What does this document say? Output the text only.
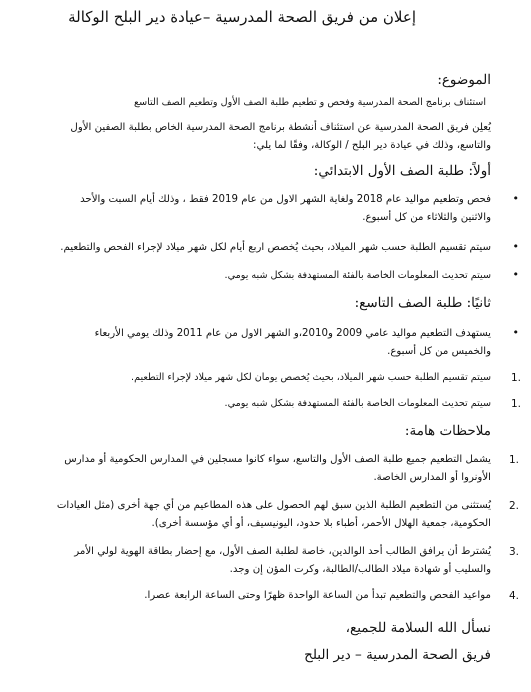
إعلان من فريق الصحة المدرسية –عيادة دير البلح الوكالة
الموضوع:
استئناف برنامج الصحة المدرسية وفحص و تطعيم طلبة الصف الأول وتطعيم الصف التاسع
يُعلِن فريق الصحة المدرسية عن استئناف أنشطة برنامج الصحة المدرسية الخاص بطلبة الصفين الأول
والتاسع، وذلك في عيادة دير البلح / الوكالة، وفقًا لما يلي:
أولاً: طلبة الصف الأول الابتدائي:
•
فحص وتطعيم مواليد عام 2018 ولغاية الشهر الاول من عام 2019 فقط ، وذلك أيام السبت والأحد
والاثنين والثلاثاء من كل أسبوع.
•
سيتم تقسيم الطلبة حسب شهر الميلاد، بحيث يُخصص اربع أيام لكل شهر ميلاد لإجراء الفحص والتطعيم.
•
سيتم تحديث المعلومات الخاصة بالفئة المستهدفة بشكل شبه يومي.
ثانيًا: طلبة الصف التاسع:
•
يستهدف التطعيم مواليد عامي 2009 و2010،و الشهر الاول من عام 2011 وذلك يومي الأربعاء
والخميس من كل أسبوع.
1.
سيتم تقسيم الطلبة حسب شهر الميلاد، بحيث يُخصص يومان لكل شهر ميلاد لإجراء التطعيم.
1.
سيتم تحديث المعلومات الخاصة بالفئة المستهدفة بشكل شبه يومي.
ملاحظات هامة:
1.
يشمل التطعيم جميع طلبة الصف الأول والتاسع، سواء كانوا مسجلين في المدارس الحكومية أو مدارس
الأونروا أو المدارس الخاصة.
2.
يُستثنى من التطعيم الطلبة الذين سبق لهم الحصول على هذه المطاعيم من أي جهة أخرى (مثل العيادات
الحكومية، جمعية الهلال الأحمر، أطباء بلا حدود، اليونيسيف، أو أي مؤسسة أخرى).
3.
يُشترط أن يرافق الطالب أحد الوالدين، خاصة لطلبة الصف الأول، مع إحضار بطاقة الهوية لولي الأمر
والسليب أو شهادة ميلاد الطالب/الطالبة، وكرت المؤن إن وجد.
4.
مواعيد الفحص والتطعيم تبدأ من الساعة الواحدة ظهرًا وحتى الساعة الرابعة عصرا.
نسأل الله السلامة للجميع،
فريق الصحة المدرسية – دير البلح
